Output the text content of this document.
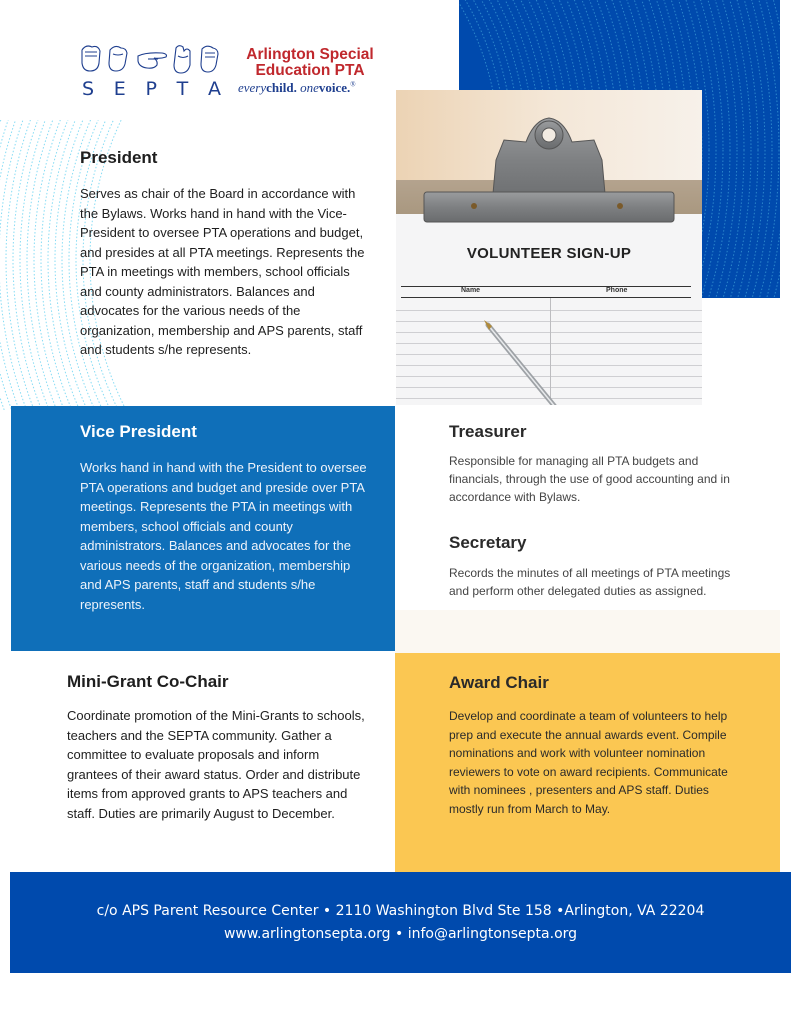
S E P T A
Arlington Special
Education PTA
everychild. onevoice.®
VOLUNTEER SIGN-UP
Name	Phone
President
Serves as chair of the Board in accordance with the Bylaws. Works hand in hand with the Vice-President to oversee PTA operations and budget, and presides at all PTA meetings. Represents the PTA in meetings with members, school officials and county administrators. Balances and advocates for the various needs of the organization, membership and APS parents, staff and students s/he represents.
Vice President
Works hand in hand with the President to oversee PTA operations and budget and preside over PTA meetings. Represents the PTA in meetings with members, school officials and county administrators. Balances and advocates for the various needs of the organization, membership and APS parents, staff and students s/he represents.
Treasurer
Responsible for managing all PTA budgets and financials, through the use of good accounting and in accordance with Bylaws.
Secretary
Records the minutes of all meetings of PTA meetings and perform other delegated duties as assigned.
Mini-Grant Co-Chair
Coordinate promotion of the Mini-Grants to schools, teachers and the SEPTA community. Gather a committee to evaluate proposals and inform grantees of their award status. Order and distribute items from approved grants to APS teachers and staff. Duties are primarily August to December.
Award Chair
Develop and coordinate a team of volunteers to help prep and execute the annual awards event. Compile nominations and work with volunteer nomination reviewers to vote on award recipients. Communicate with nominees , presenters and APS staff. Duties mostly run from March to May.
c/o APS Parent Resource Center • 2110 Washington Blvd Ste 158 •Arlington, VA 22204
www.arlingtonsepta.org • info@arlingtonsepta.org
